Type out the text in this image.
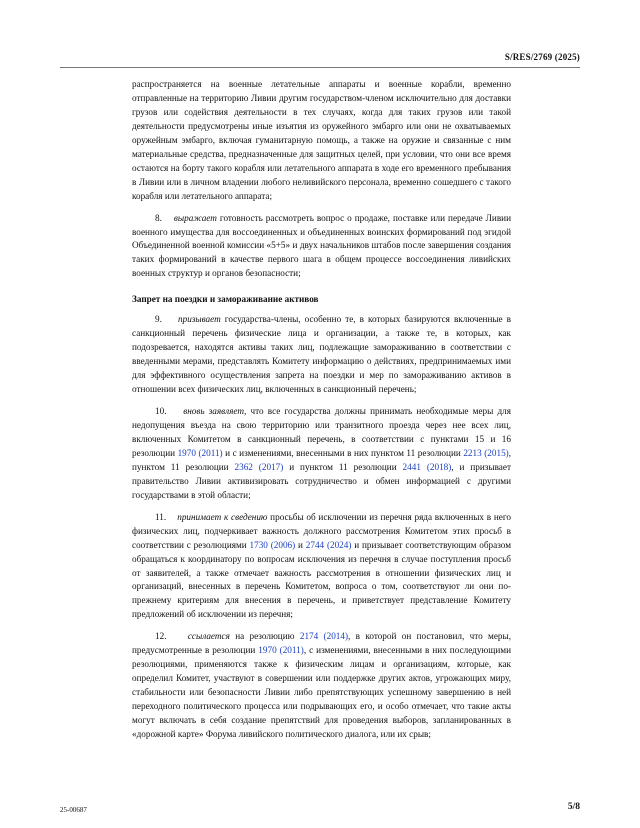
S/RES/2769 (2025)

распространяется на военные летательные аппараты и военные корабли, временно отправленные на территорию Ливии другим государством-членом исключительно для доставки грузов или содействия деятельности в тех случаях, когда для таких грузов или такой деятельности предусмотрены иные изъятия из оружейного эмбарго или они не охватываемых оружейным эмбарго, включая гуманитарную помощь, а также на оружие и связанные с ним материальные средства, предназначенные для защитных целей, при условии, что они все время остаются на борту такого корабля или летательного аппарата в ходе его временного пребывания в Ливии или в личном владении любого неливийского персонала, временно сошедшего с такого корабля или летательного аппарата;

8. выражает готовность рассмотреть вопрос о продаже, поставке или передаче Ливии военного имущества для воссоединенных и объединенных воинских формирований под эгидой Объединенной военной комиссии «5+5» и двух начальников штабов после завершения создания таких формирований в качестве первого шага в общем процессе воссоединения ливийских военных структур и органов безопасности;

Запрет на поездки и замораживание активов

9. призывает государства-члены, особенно те, в которых базируются включенные в санкционный перечень физические лица и организации, а также те, в которых, как подозревается, находятся активы таких лиц, подлежащие замораживанию в соответствии с введенными мерами, представлять Комитету информацию о действиях, предпринимаемых ими для эффективного осуществления запрета на поездки и мер по замораживанию активов в отношении всех физических лиц, включенных в санкционный перечень;

10. вновь заявляет, что все государства должны принимать необходимые меры для недопущения въезда на свою территорию или транзитного проезда через нее всех лиц, включенных Комитетом в санкционный перечень, в соответствии с пунктами 15 и 16 резолюции 1970 (2011) и с изменениями, внесенными в них пунктом 11 резолюции 2213 (2015), пунктом 11 резолюции 2362 (2017) и пунктом 11 резолюции 2441 (2018), и призывает правительство Ливии активизировать сотрудничество и обмен информацией с другими государствами в этой области;

11. принимает к сведению просьбы об исключении из перечня ряда включенных в него физических лиц, подчеркивает важность должного рассмотрения Комитетом этих просьб в соответствии с резолюциями 1730 (2006) и 2744 (2024) и призывает соответствующим образом обращаться к координатору по вопросам исключения из перечня в случае поступления просьб от заявителей, а также отмечает важность рассмотрения в отношении физических лиц и организаций, внесенных в перечень Комитетом, вопроса о том, соответствуют ли они по-прежнему критериям для внесения в перечень, и приветствует представление Комитету предложений об исключении из перечня;

12. ссылается на резолюцию 2174 (2014), в которой он постановил, что меры, предусмотренные в резолюции 1970 (2011), с изменениями, внесенными в них последующими резолюциями, применяются также к физическим лицам и организациям, которые, как определил Комитет, участвуют в совершении или поддержке других актов, угрожающих миру, стабильности или безопасности Ливии либо препятствующих успешному завершению в ней переходного политического процесса или подрывающих его, и особо отмечает, что такие акты могут включать в себя создание препятствий для проведения выборов, запланированных в «дорожной карте» Форума ливийского политического диалога, или их срыв;

25-00687	5/8
